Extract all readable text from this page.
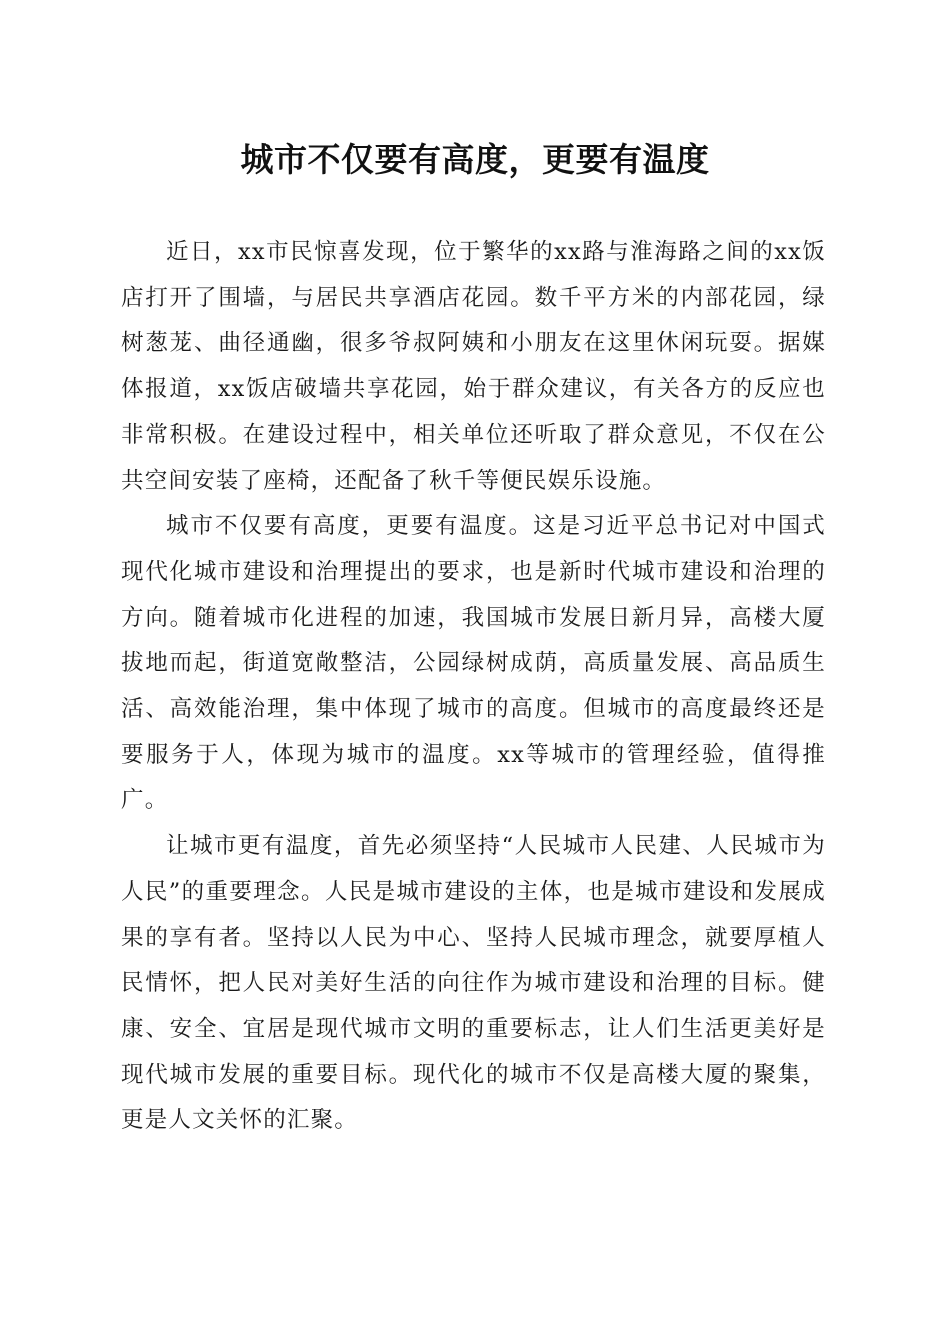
城市不仅要有高度，更要有温度

近日，xx市民惊喜发现，位于繁华的xx路与淮海路之间的xx饭店打开了围墙，与居民共享酒店花园。数千平方米的内部花园，绿树葱茏、曲径通幽，很多爷叔阿姨和小朋友在这里休闲玩耍。据媒体报道，xx饭店破墙共享花园，始于群众建议，有关各方的反应也非常积极。在建设过程中，相关单位还听取了群众意见，不仅在公共空间安装了座椅，还配备了秋千等便民娱乐设施。

城市不仅要有高度，更要有温度。这是习近平总书记对中国式现代化城市建设和治理提出的要求，也是新时代城市建设和治理的方向。随着城市化进程的加速，我国城市发展日新月异，高楼大厦拔地而起，街道宽敞整洁，公园绿树成荫，高质量发展、高品质生活、高效能治理，集中体现了城市的高度。但城市的高度最终还是要服务于人，体现为城市的温度。xx等城市的管理经验，值得推广。

让城市更有温度，首先必须坚持“人民城市人民建、人民城市为人民”的重要理念。人民是城市建设的主体，也是城市建设和发展成果的享有者。坚持以人民为中心、坚持人民城市理念，就要厚植人民情怀，把人民对美好生活的向往作为城市建设和治理的目标。健康、安全、宜居是现代城市文明的重要标志，让人们生活更美好是现代城市发展的重要目标。现代化的城市不仅是高楼大厦的聚集，更是人文关怀的汇聚。
